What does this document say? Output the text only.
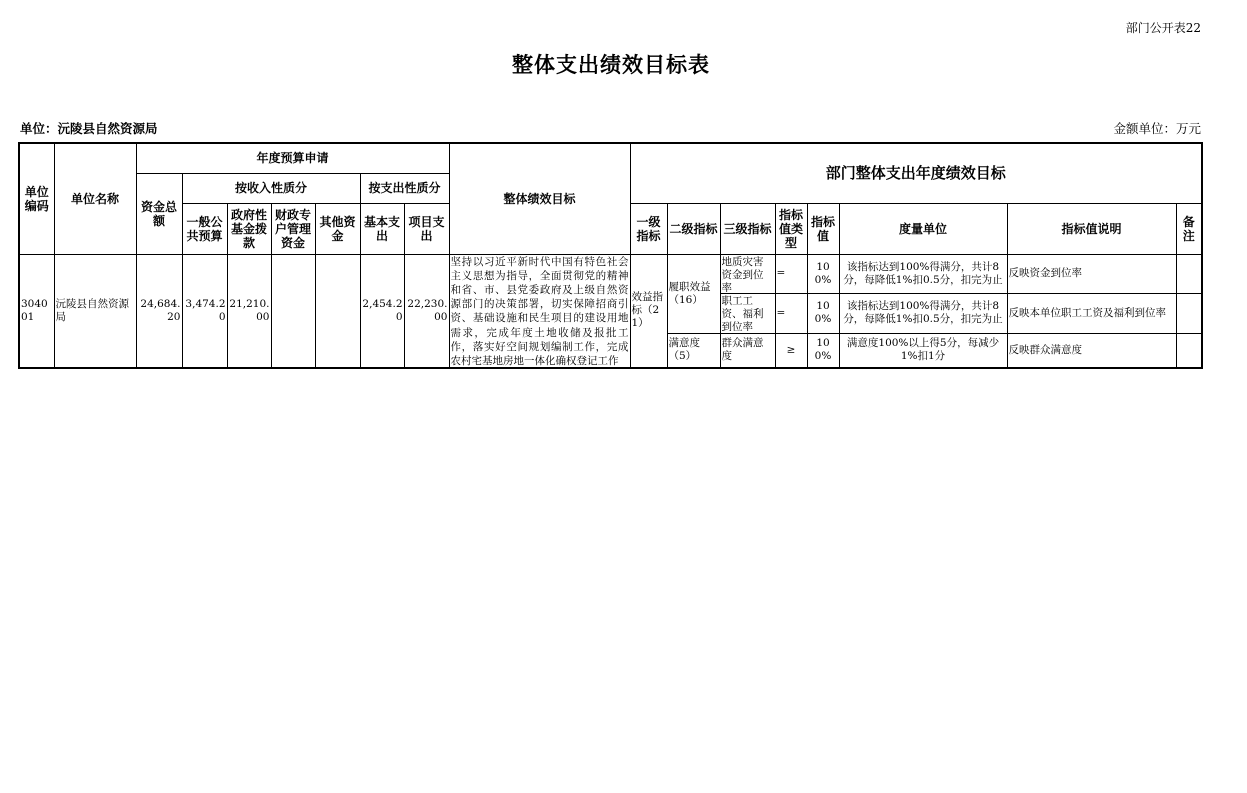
部门公开表22
整体支出绩效目标表
单位：沅陵县自然资源局	金额单位：万元
单位编码	单位名称	年度预算申请							整体绩效目标	部门整体支出年度绩效目标							
		资金总额	按收入性质分				按支出性质分										
			一般公共预算	政府性基金拨款	财政专户管理资金	其他资金	基本支出	项目支出		一级指标	二级指标	三级指标	指标值类型	指标值	度量单位	指标值说明	备注

304001	沅陵县自然资源局	24,684.20	3,474.20	21,210.00			2,454.20	22,230.00	坚持以习近平新时代中国有特色社会主义思想为指导，全面贯彻党的精神和省、市、县党委政府及上级自然资源部门的决策部署，切实保障招商引资、基础设施和民生项目的建设用地需求，完成年度土地收储及报批工作，落实好空间规划编制工作，完成农村宅基地房地一体化确权登记工作	效益指标（21）	履职效益（16）	地质灾害资金到位率	=	100%	该指标达到100%得满分，共计8分，每降低1%扣0.5分，扣完为止	反映资金到位率	

												职工工资、福利到位率	=	100%	该指标达到100%得满分，共计8分，每降低1%扣0.5分，扣完为止	反映本单位职工工资及福利到位率	
											满意度（5）	群众满意度	≥	100%	满意度100%以上得5分，每减少1%扣1分	反映群众满意度	
